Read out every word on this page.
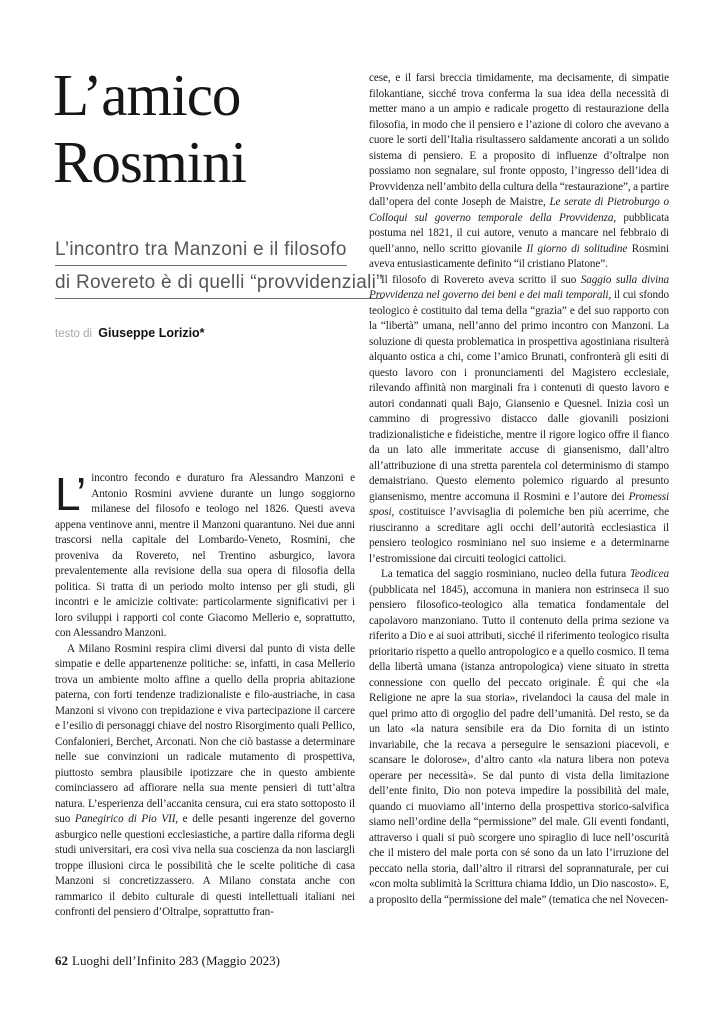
L’amico
Rosmini
L’incontro tra Manzoni e il filosofo
di Rovereto è di quelli “provvidenziali”
testo di Giuseppe Lorizio*

L’ incontro fecondo e duraturo fra Alessandro Manzoni e Antonio Rosmini avviene durante un lungo soggiorno milanese del filosofo e teologo nel 1826. Questi aveva appena ventinove anni, mentre il Manzoni quarantuno. Nei due anni trascorsi nella capitale del Lombardo-Veneto, Rosmini, che proveniva da Rovereto, nel Trentino asburgico, lavora prevalentemente alla revisione della sua opera di filosofia della politica. Si tratta di un periodo molto intenso per gli studi, gli incontri e le amicizie coltivate: particolarmente significativi per i loro sviluppi i rapporti col conte Giacomo Mellerio e, soprattutto, con Alessandro Manzoni.

A Milano Rosmini respira climi diversi dal punto di vista delle simpatie e delle appartenenze politiche: se, infatti, in casa Mellerio trova un ambiente molto affine a quello della propria abitazione paterna, con forti tendenze tradizionaliste e filo-austriache, in casa Manzoni si vivono con trepidazione e viva partecipazione il carcere e l’esilio di personaggi chiave del nostro Risorgimento quali Pellico, Confalonieri, Berchet, Arconati. Non che ciò bastasse a determinare nelle sue convinzioni un radicale mutamento di prospettiva, piuttosto sembra plausibile ipotizzare che in questo ambiente cominciassero ad affiorare nella sua mente pensieri di tutt’altra natura. L’esperienza dell’accanita censura, cui era stato sottoposto il suo Panegirico di Pio VII, e delle pesanti ingerenze del governo asburgico nelle questioni ecclesiastiche, a partire dalla riforma degli studi universitari, era così viva nella sua coscienza da non lasciargli troppe illusioni circa le possibilità che le scelte politiche di casa Manzoni si concretizzassero. A Milano constata anche con rammarico il debito culturale di questi intellettuali italiani nei confronti del pensiero d’Oltralpe, soprattutto fran-

cese, e il farsi breccia timidamente, ma decisamente, di simpatie filokantiane, sicché trova conferma la sua idea della necessità di metter mano a un ampio e radicale progetto di restaurazione della filosofia, in modo che il pensiero e l’azione di coloro che avevano a cuore le sorti dell’Italia risultassero saldamente ancorati a un solido sistema di pensiero. E a proposito di influenze d’oltralpe non possiamo non segnalare, sul fronte opposto, l’ingresso dell’idea di Provvidenza nell’ambito della cultura della “restaurazione”, a partire dall’opera del conte Joseph de Maistre, Le serate di Pietroburgo o Colloqui sul governo temporale della Provvidenza, pubblicata postuma nel 1821, il cui autore, venuto a mancare nel febbraio di quell’anno, nello scritto giovanile Il giorno di solitudine Rosmini aveva entusiasticamente definito “il cristiano Platone”.

Il filosofo di Rovereto aveva scritto il suo Saggio sulla divina Provvidenza nel governo dei beni e dei mali temporali, il cui sfondo teologico è costituito dal tema della “grazia” e del suo rapporto con la “libertà” umana, nell’anno del primo incontro con Manzoni. La soluzione di questa problematica in prospettiva agostiniana risulterà alquanto ostica a chi, come l’amico Brunati, confronterà gli esiti di questo lavoro con i pronunciamenti del Magistero ecclesiale, rilevando affinità non marginali fra i contenuti di questo lavoro e autori condannati quali Bajo, Giansenio e Quesnel. Inizia così un cammino di progressivo distacco dalle giovanili posizioni tradizionalistiche e fideistiche, mentre il rigore logico offre il fianco da un lato alle immeritate accuse di giansenismo, dall’altro all’attribuzione di una stretta parentela col determinismo di stampo demaistriano. Questo elemento polemico riguardo al presunto giansenismo, mentre accomuna il Rosmini e l’autore dei Promessi sposi, costituisce l’avvisaglia di polemiche ben più acerrime, che riusciranno a screditare agli occhi dell’autorità ecclesiastica il pensiero teologico rosminiano nel suo insieme e a determinarne l’estromissione dai circuiti teologici cattolici.

La tematica del saggio rosminiano, nucleo della futura Teodicea (pubblicata nel 1845), accomuna in maniera non estrinseca il suo pensiero filosofico-teologico alla tematica fondamentale del capolavoro manzoniano. Tutto il contenuto della prima sezione va riferito a Dio e ai suoi attributi, sicché il riferimento teologico risulta prioritario rispetto a quello antropologico e a quello cosmico. Il tema della libertà umana (istanza antropologica) viene situato in stretta connessione con quello del peccato originale. È qui che «la Religione ne apre la sua storia», rivelandoci la causa del male in quel primo atto di orgoglio del padre dell’umanità. Del resto, se da un lato «la natura sensibile era da Dio fornita di un istinto invariabile, che la recava a perseguire le sensazioni piacevoli, e scansare le dolorose», d’altro canto «la natura libera non poteva operare per necessità». Se dal punto di vista della limitazione dell’ente finito, Dio non poteva impedire la possibilità del male, quando ci muoviamo all’interno della prospettiva storico-salvifica siamo nell’ordine della “permissione” del male. Gli eventi fondanti, attraverso i quali si può scorgere uno spiraglio di luce nell’oscurità che il mistero del male porta con sé sono da un lato l’irruzione del peccato nella storia, dall’altro il ritrarsi del soprannaturale, per cui «con molta sublimità la Scrittura chiama Iddio, un Dio nascosto». E, a proposito della “permissione del male” (tematica che nel Novecen-

62 Luoghi dell’Infinito 283 (Maggio 2023)
